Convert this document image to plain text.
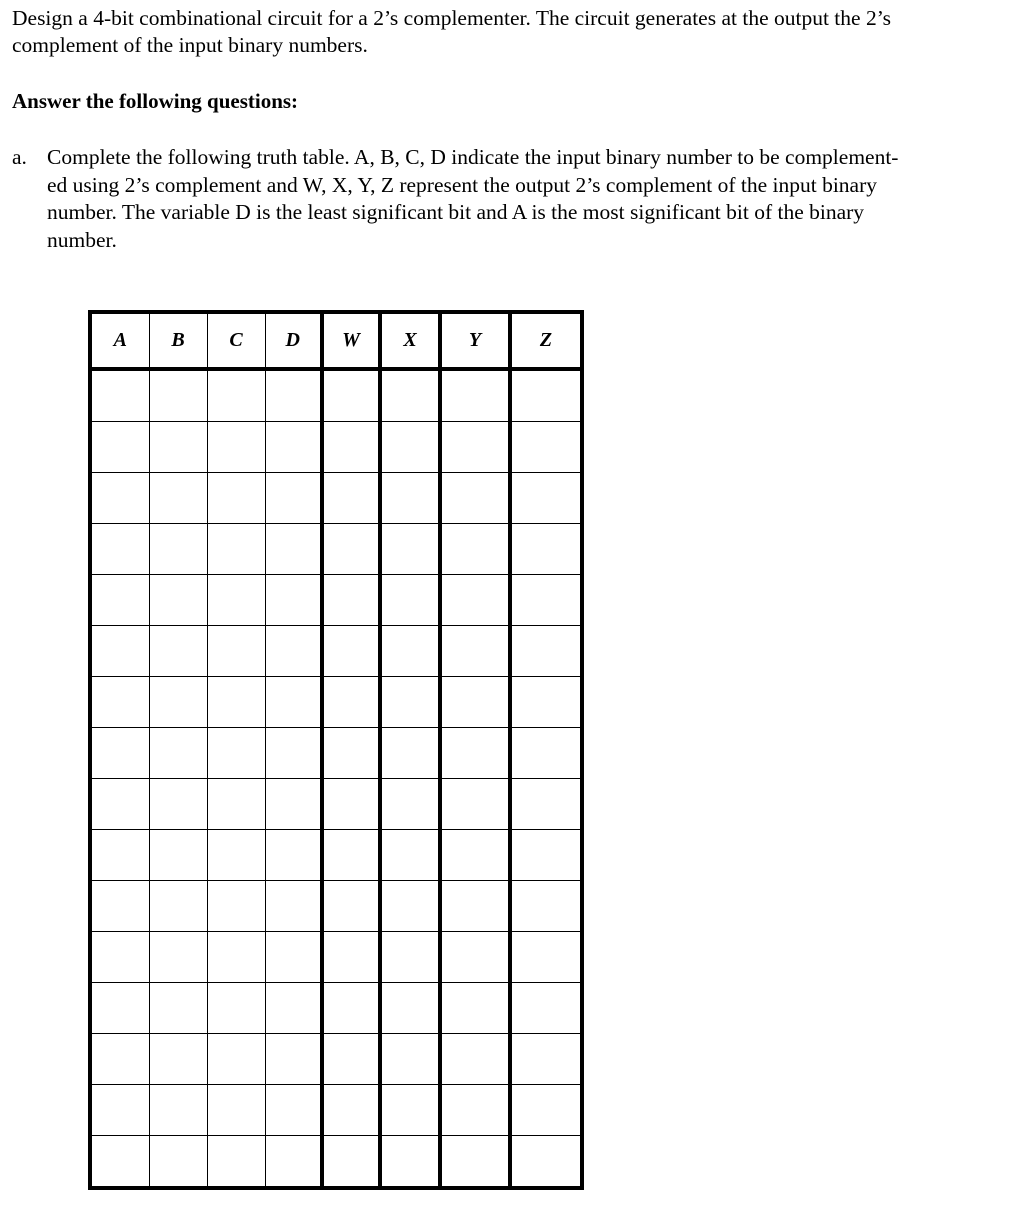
Design a 4-bit combinational circuit for a 2’s complementer. The circuit generates at the output the 2’s
complement of the input binary numbers.
Answer the following questions:
a. Complete the following truth table. A, B, C, D indicate the input binary number to be complement-
ed using 2’s complement and W, X, Y, Z represent the output 2’s complement of the input binary
number. The variable D is the least significant bit and A is the most significant bit of the binary
number.
A	B	C	D	W	X	Y	Z
